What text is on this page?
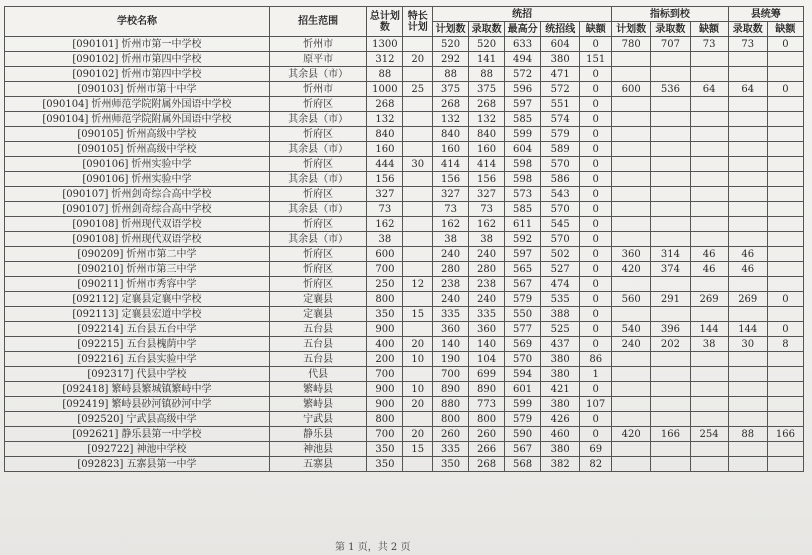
学校名称	招生范围	总计划数	特长计划	统招					指标到校			县统筹	
				计划数	录取数	最高分	统招线	缺额	计划数	录取数	缺额	录取数	缺额
[090101] 忻州市第一中学校	忻州市	1300		520	520	633	604	0	780	707	73	73	0
[090102] 忻州市第四中学校	原平市	312	20	292	141	494	380	151					
[090102] 忻州市第四中学校	其余县（市）	88		88	88	572	471	0					
[090103] 忻州市第十中学	忻州市	1000	25	375	375	596	572	0	600	536	64	64	0
[090104] 忻州师范学院附属外国语中学校	忻府区	268		268	268	597	551	0					
[090104] 忻州师范学院附属外国语中学校	其余县（市）	132		132	132	585	574	0					
[090105] 忻州高级中学校	忻府区	840		840	840	599	579	0					
[090105] 忻州高级中学校	其余县（市）	160		160	160	604	589	0					
[090106] 忻州实验中学	忻府区	444	30	414	414	598	570	0					
[090106] 忻州实验中学	其余县（市）	156		156	156	598	586	0					
[090107] 忻州剑奇综合高中学校	忻府区	327		327	327	573	543	0					
[090107] 忻州剑奇综合高中学校	其余县（市）	73		73	73	585	570	0					
[090108] 忻州现代双语学校	忻府区	162		162	162	611	545	0					
[090108] 忻州现代双语学校	其余县（市）	38		38	38	592	570	0					
[090209] 忻州市第二中学	忻府区	600		240	240	597	502	0	360	314	46	46	
[090210] 忻州市第三中学	忻府区	700		280	280	565	527	0	420	374	46	46	
[090211] 忻州市秀容中学	忻府区	250	12	238	238	567	474	0					
[092112] 定襄县定襄中学校	定襄县	800		240	240	579	535	0	560	291	269	269	0
[092113] 定襄县宏道中学校	定襄县	350	15	335	335	550	388	0					
[092214] 五台县五台中学	五台县	900		360	360	577	525	0	540	396	144	144	0
[092215] 五台县槐荫中学	五台县	400	20	140	140	569	437	0	240	202	38	30	8
[092216] 五台县实验中学	五台县	200	10	190	104	570	380	86					
[092317] 代县中学校	代县	700		700	699	594	380	1					
[092418] 繁峙县繁城镇繁峙中学	繁峙县	900	10	890	890	601	421	0					
[092419] 繁峙县砂河镇砂河中学	繁峙县	900	20	880	773	599	380	107					
[092520] 宁武县高级中学	宁武县	800		800	800	579	426	0					
[092621] 静乐县第一中学校	静乐县	700	20	260	260	590	460	0	420	166	254	88	166
[092722] 神池中学校	神池县	350	15	335	266	567	380	69					
[092823] 五寨县第一中学	五寨县	350		350	268	568	382	82					
第 1 页，共 2 页
